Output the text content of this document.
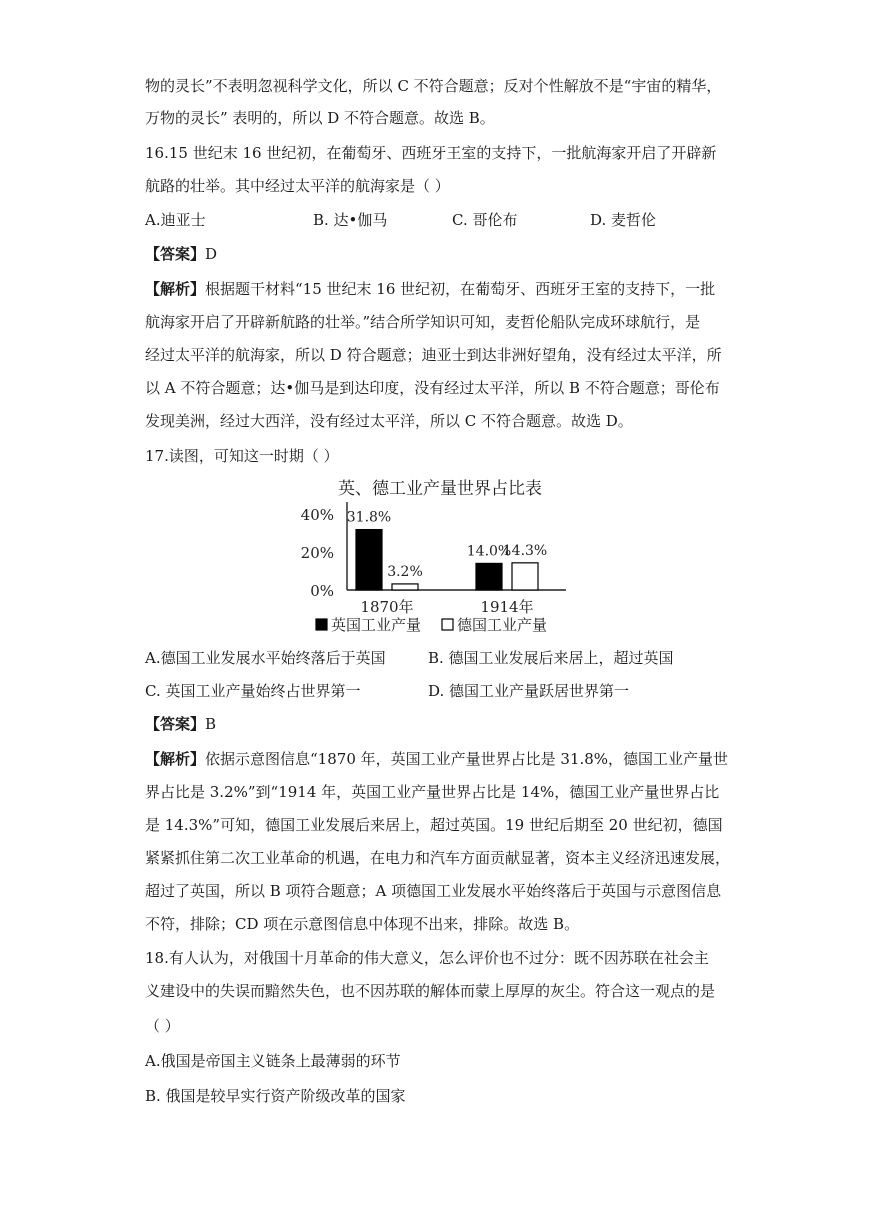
物的灵长”不表明忽视科学文化，所以 C 不符合题意；反对个性解放不是“宇宙的精华，
万物的灵长” 表明的，所以 D 不符合题意。故选 B。
16.15 世纪末 16 世纪初，在葡萄牙、西班牙王室的支持下，一批航海家开启了开辟新
航路的壮举。其中经过太平洋的航海家是（ ）
A.迪亚士	B. 达•伽马	C. 哥伦布	D. 麦哲伦
【答案】D
【解析】根据题干材料“15 世纪末 16 世纪初，在葡萄牙、西班牙王室的支持下，一批
航海家开启了开辟新航路的壮举。”结合所学知识可知，麦哲伦船队完成环球航行，是
经过太平洋的航海家，所以 D 符合题意；迪亚士到达非洲好望角，没有经过太平洋，所
以 A 不符合题意；达•伽马是到达印度，没有经过太平洋，所以 B 不符合题意；哥伦布
发现美洲，经过大西洋，没有经过太平洋，所以 C 不符合题意。故选 D。
17.读图，可知这一时期（ ）
英、德工业产量世界占比表
40%
20%
0%
31.8%
3.2%
1870年
14.0%
14.3%
1914年
英国工业产量 德国工业产量
A.德国工业发展水平始终落后于英国	B. 德国工业发展后来居上，超过英国
C. 英国工业产量始终占世界第一	D. 德国工业产量跃居世界第一
【答案】B
【解析】依据示意图信息“1870 年，英国工业产量世界占比是 31.8%，德国工业产量世
界占比是 3.2%”到“1914 年，英国工业产量世界占比是 14%，德国工业产量世界占比
是 14.3%”可知，德国工业发展后来居上，超过英国。19 世纪后期至 20 世纪初，德国
紧紧抓住第二次工业革命的机遇，在电力和汽车方面贡献显著，资本主义经济迅速发展，
超过了英国，所以 B 项符合题意；A 项德国工业发展水平始终落后于英国与示意图信息
不符，排除；CD 项在示意图信息中体现不出来，排除。故选 B。
18.有人认为，对俄国十月革命的伟大意义，怎么评价也不过分：既不因苏联在社会主
义建设中的失误而黯然失色，也不因苏联的解体而蒙上厚厚的灰尘。符合这一观点的是
（ ）
A.俄国是帝国主义链条上最薄弱的环节
B. 俄国是较早实行资产阶级改革的国家
